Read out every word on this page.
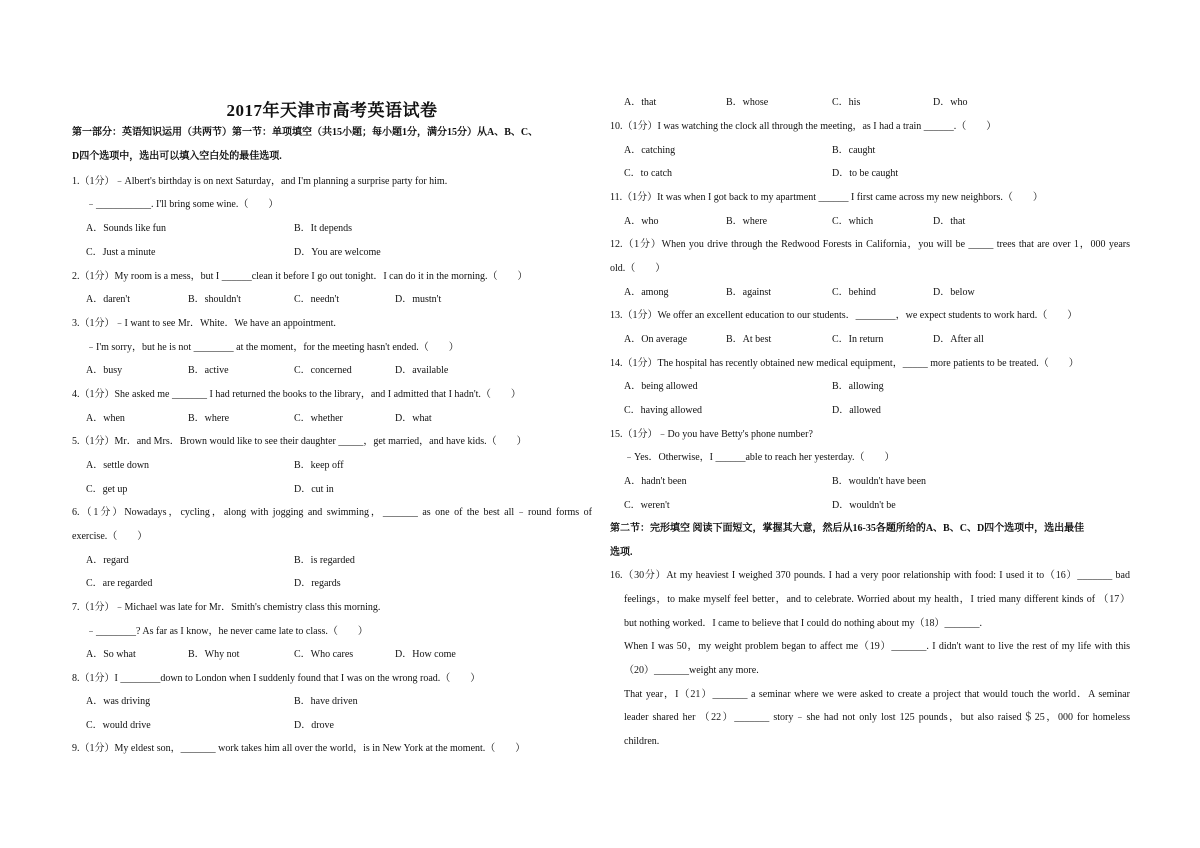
2017年天津市高考英语试卷
第一部分：英语知识运用（共两节）第一节：单项填空（共15小题；每小题1分，满分15分）从A、B、C、
D四个选项中，选出可以填入空白处的最佳选项.
1.（1分）﹣Albert's birthday is on next Saturday，and I'm planning a surprise party for him.
﹣___________. I'll bring some wine.（　　）
A．Sounds like fun	B．It depends
C．Just a minute	D．You are welcome
2.（1分）My room is a mess，but I ______clean it before I go out tonight．I can do it in the morning.（　　）
A．daren't	B．shouldn't	C．needn't	D．mustn't
3.（1分）﹣I want to see Mr．White．We have an appointment.
﹣I'm sorry，but he is not ________ at the moment，for the meeting hasn't ended.（　　）
A．busy	B．active	C．concerned	D．available
4.（1分）She asked me _______ I had returned the books to the library，and I admitted that I hadn't.（　　）
A．when	B．where	C．whether	D．what
5.（1分）Mr．and Mrs．Brown would like to see their daughter _____，get married，and have kids.（　　）
A．settle down	B．keep off
C．get up	D．cut in
6.（1分）Nowadays，cycling，along with jogging and swimming，_______ as one of the best all﹣round forms of
exercise.（　　）
A．regard	B．is regarded
C．are regarded	D．regards
7.（1分）﹣Michael was late for Mr．Smith's chemistry class this morning.
﹣________? As far as I know，he never came late to class.（　　）
A．So what	B．Why not	C．Who cares	D．How come
8.（1分）I ________down to London when I suddenly found that I was on the wrong road.（　　）
A．was driving	B．have driven
C．would drive	D．drove
9.（1分）My eldest son，_______ work takes him all over the world，is in New York at the moment.（　　）
A．that	B．whose	C．his	D．who
10.（1分）I was watching the clock all through the meeting，as I had a train ______.（　　）
A．catching	B．caught
C．to catch	D．to be caught
11.（1分）It was when I got back to my apartment ______ I first came across my new neighbors.（　　）
A．who	B．where	C．which	D．that
12.（1分）When you drive through the Redwood Forests in California，you will be _____ trees that are over 1，000 years
old.（　　）
A．among	B．against	C．behind	D．below
13.（1分）We offer an excellent education to our students．________，we expect students to work hard.（　　）
A．On average	B．At best	C．In return	D．After all
14.（1分）The hospital has recently obtained new medical equipment，_____ more patients to be treated.（　　）
A．being allowed	B．allowing
C．having allowed	D．allowed
15.（1分）﹣Do you have Betty's phone number?
﹣Yes．Otherwise，I ______able to reach her yesterday.（　　）
A．hadn't been	B．wouldn't have been
C．weren't	D．wouldn't be
第二节：完形填空 阅读下面短文，掌握其大意，然后从16-35各题所给的A、B、C、D四个选项中，选出最佳
选项.
16.（30分）At my heaviest I weighed 370 pounds. I had a very poor relationship with food: I used it to（16）_______ bad
feelings，to make myself feel better，and to celebrate. Worried about my health，I tried many different kinds of （17）
but nothing worked．I came to believe that I could do nothing about my（18）_______.
When I was 50，my weight problem began to affect me（19）_______. I didn't want to live the rest of my life with this
（20）_______weight any more.
That year，I（21）_______ a seminar where we were asked to create a project that would touch the world．A seminar
leader shared her （22）_______ story﹣she had not only lost 125 pounds，but also raised＄25，000 for homeless
children.
